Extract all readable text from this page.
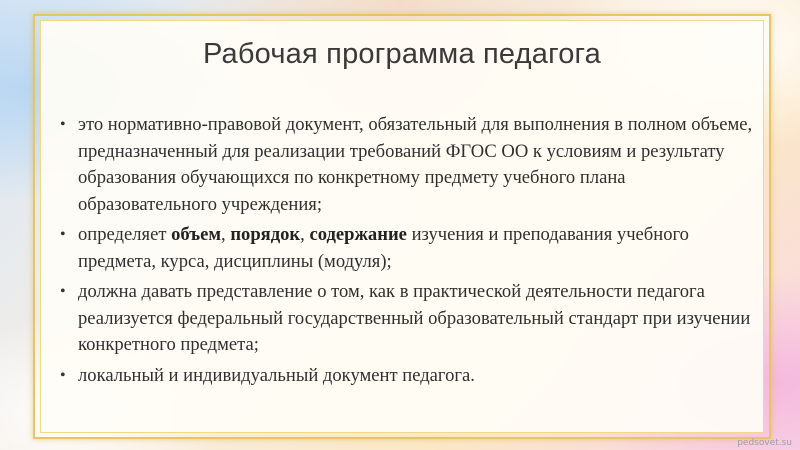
Рабочая программа педагога
• это нормативно-правовой документ, обязательный для выполнения в полном объеме, предназначенный для реализации требований ФГОС ОО к условиям и результату образования обучающихся по конкретному предмету учебного плана образовательного учреждения;
• определяет объем, порядок, содержание изучения и преподавания учебного предмета, курса, дисциплины (модуля);
• должна давать представление о том, как в практической деятельности педагога реализуется федеральный государственный образовательный стандарт при изучении конкретного предмета;
• локальный и индивидуальный документ педагога.
pedsovet.su
